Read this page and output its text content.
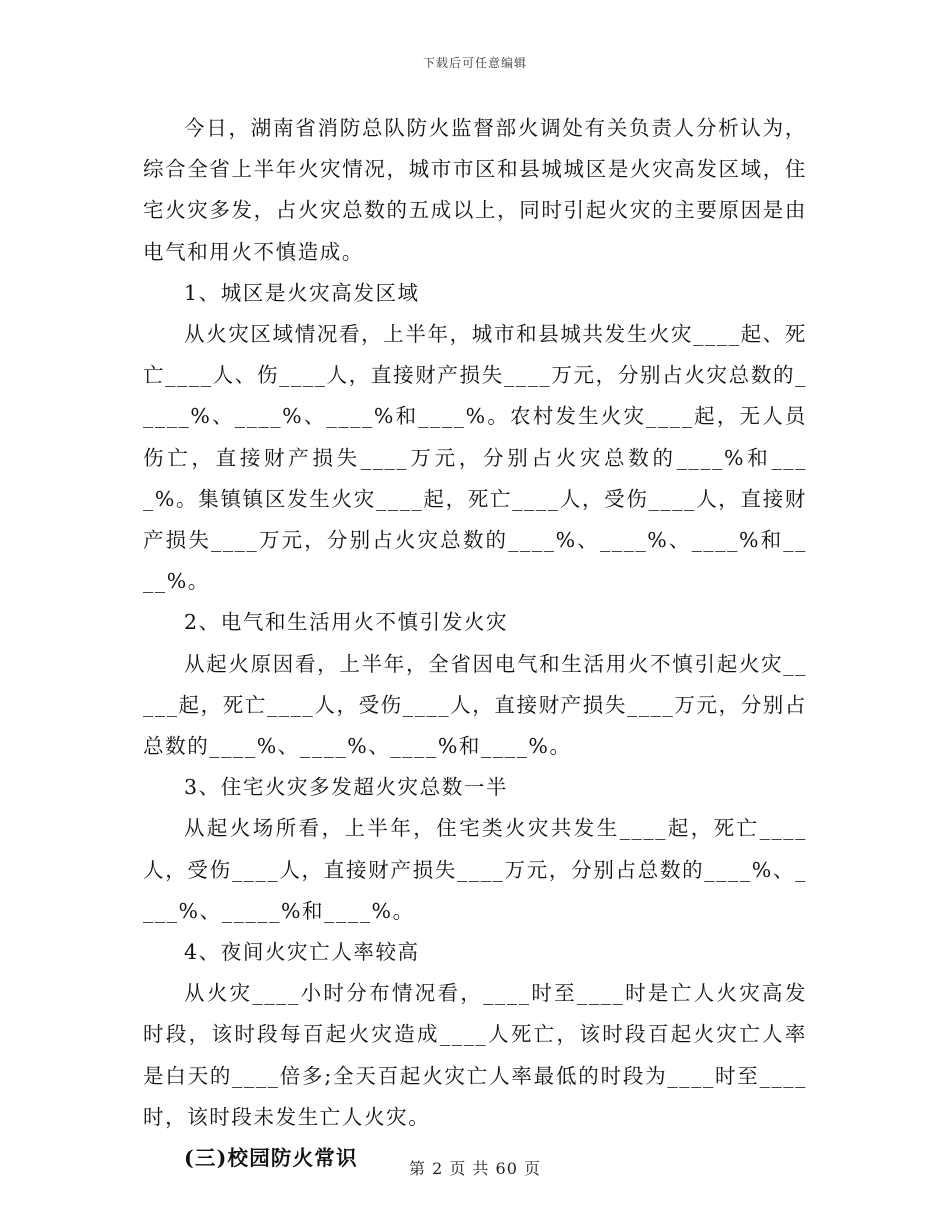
下载后可任意编辑

今日，湖南省消防总队防火监督部火调处有关负责人分析认为，综合全省上半年火灾情况，城市市区和县城城区是火灾高发区域，住宅火灾多发，占火灾总数的五成以上，同时引起火灾的主要原因是由电气和用火不慎造成。

1、城区是火灾高发区域

从火灾区域情况看，上半年，城市和县城共发生火灾____起、死亡____人、伤____人，直接财产损失____万元，分别占火灾总数的_____%、____%、____%和____%。农村发生火灾____起，无人员伤亡，直接财产损失____万元，分别占火灾总数的____%和____%。集镇镇区发生火灾____起，死亡____人，受伤____人，直接财产损失____万元，分别占火灾总数的____%、____%、____%和____%。

2、电气和生活用火不慎引发火灾

从起火原因看，上半年，全省因电气和生活用火不慎引起火灾_____起，死亡____人，受伤____人，直接财产损失____万元，分别占总数的____%、____%、____%和____%。

3、住宅火灾多发超火灾总数一半

从起火场所看，上半年，住宅类火灾共发生____起，死亡____人，受伤____人，直接财产损失____万元，分别占总数的____%、____%、_____%和____%。

4、夜间火灾亡人率较高

从火灾____小时分布情况看，____时至____时是亡人火灾高发时段，该时段每百起火灾造成____人死亡，该时段百起火灾亡人率是白天的____倍多;全天百起火灾亡人率最低的时段为____时至____时，该时段未发生亡人火灾。

(三)校园防火常识	第 2 页 共 60 页
